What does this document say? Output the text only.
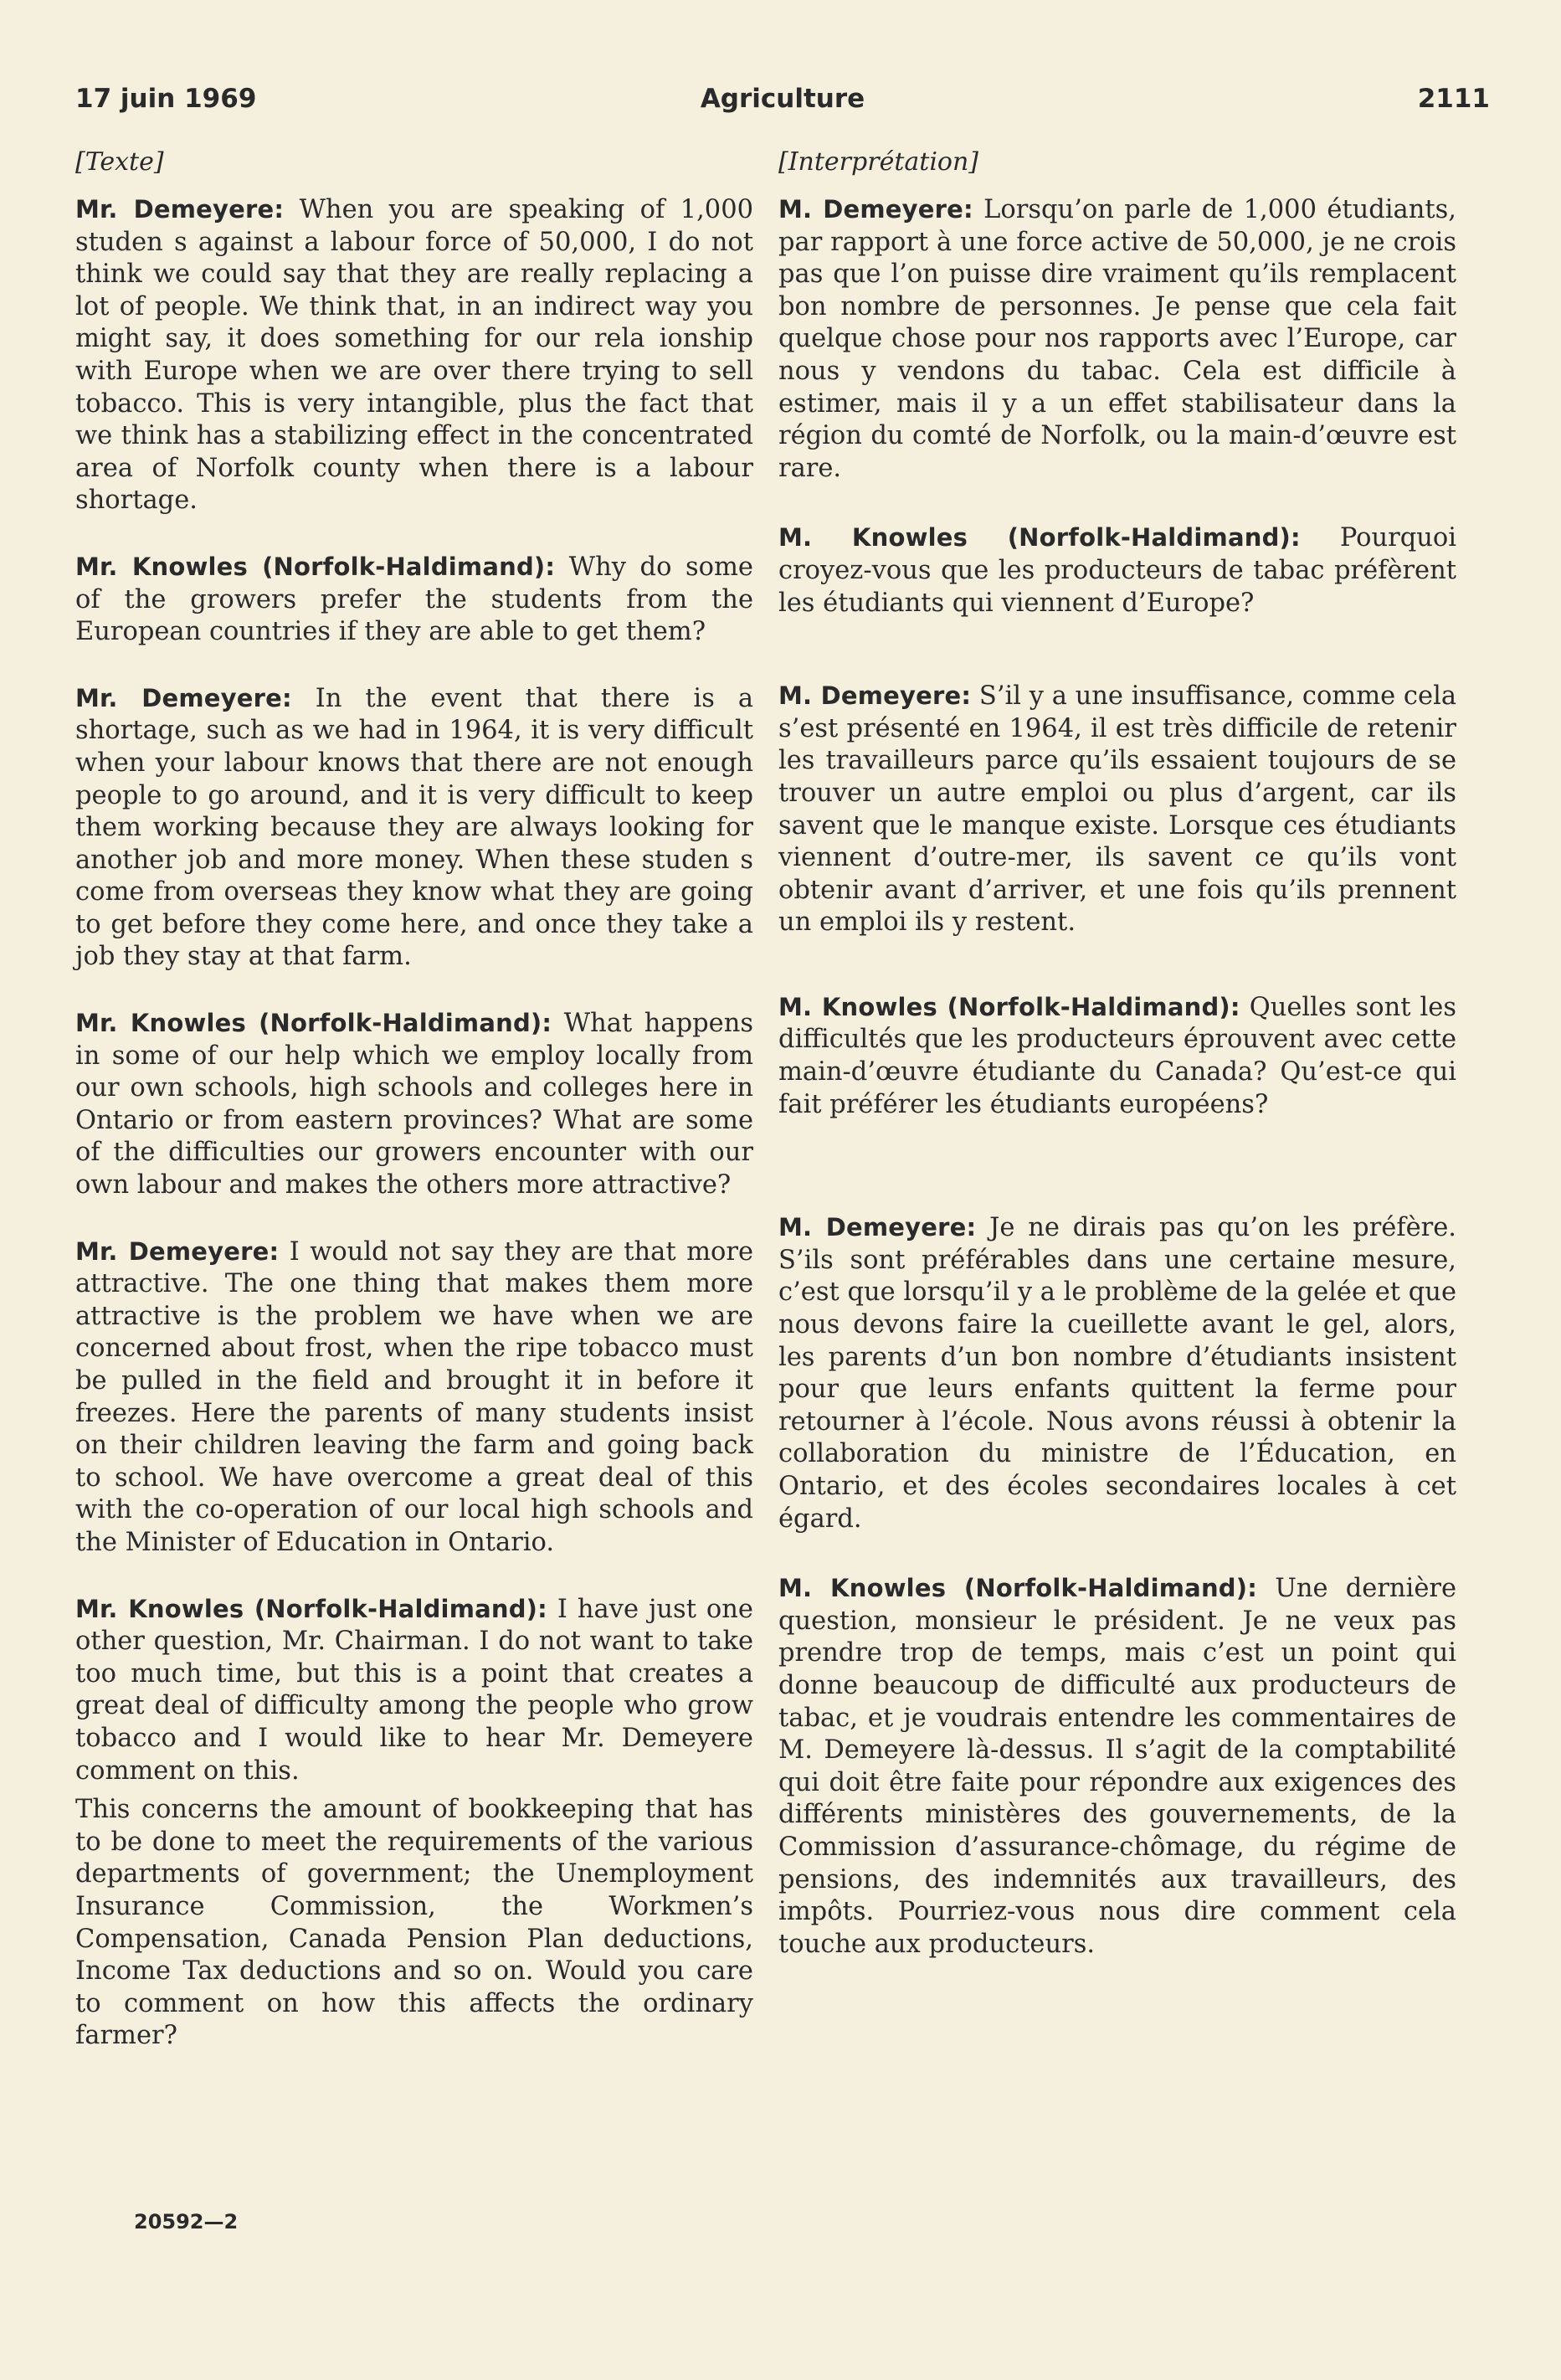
17 juin 1969	Agriculture	2111
[Texte]

Mr. Demeyere: When you are speaking of 1,000 studen s against a labour force of 50,000, I do not think we could say that they are really replacing a lot of people. We think that, in an indirect way you might say, it does something for our rela ionship with Europe when we are over there trying to sell tobacco. This is very intangible, plus the fact that we think has a stabilizing effect in the concentrated area of Norfolk county when there is a labour shortage.

Mr. Knowles (Norfolk-Haldimand): Why do some of the growers prefer the students from the European countries if they are able to get them?

Mr. Demeyere: In the event that there is a shortage, such as we had in 1964, it is very difficult when your labour knows that there are not enough people to go around, and it is very difficult to keep them working because they are always looking for another job and more money. When these studen s come from overseas they know what they are going to get before they come here, and once they take a job they stay at that farm.

Mr. Knowles (Norfolk-Haldimand): What happens in some of our help which we employ locally from our own schools, high schools and colleges here in Ontario or from eastern provinces? What are some of the difficulties our growers encounter with our own labour and makes the others more attractive?

Mr. Demeyere: I would not say they are that more attractive. The one thing that makes them more attractive is the problem we have when we are concerned about frost, when the ripe tobacco must be pulled in the field and brought it in before it freezes. Here the parents of many students insist on their children leaving the farm and going back to school. We have overcome a great deal of this with the co-operation of our local high schools and the Minister of Education in Ontario.

Mr. Knowles (Norfolk-Haldimand): I have just one other question, Mr. Chairman. I do not want to take too much time, but this is a point that creates a great deal of difficulty among the people who grow tobacco and I would like to hear Mr. Demeyere comment on this.

This concerns the amount of bookkeeping that has to be done to meet the requirements of the various departments of government; the Unemployment Insurance Commission, the Workmen’s Compensation, Canada Pension Plan deductions, Income Tax deductions and so on. Would you care to comment on how this affects the ordinary farmer?

[Interprétation]

M. Demeyere: Lorsqu’on parle de 1,000 étudiants, par rapport à une force active de 50,000, je ne crois pas que l’on puisse dire vraiment qu’ils remplacent bon nombre de personnes. Je pense que cela fait quelque chose pour nos rapports avec l’Europe, car nous y vendons du tabac. Cela est difficile à estimer, mais il y a un effet stabilisateur dans la région du comté de Norfolk, ou la main-d’œuvre est rare.

M. Knowles (Norfolk-Haldimand): Pourquoi croyez-vous que les producteurs de tabac préfèrent les étudiants qui viennent d’Europe?

M. Demeyere: S’il y a une insuffisance, comme cela s’est présenté en 1964, il est très difficile de retenir les travailleurs parce qu’ils essaient toujours de se trouver un autre emploi ou plus d’argent, car ils savent que le manque existe. Lorsque ces étudiants viennent d’outre-mer, ils savent ce qu’ils vont obtenir avant d’arriver, et une fois qu’ils prennent un emploi ils y restent.

M. Knowles (Norfolk-Haldimand): Quelles sont les difficultés que les producteurs éprouvent avec cette main-d’œuvre étudiante du Canada? Qu’est-ce qui fait préférer les étudiants européens?

M. Demeyere: Je ne dirais pas qu’on les préfère. S’ils sont préférables dans une certaine mesure, c’est que lorsqu’il y a le problème de la gelée et que nous devons faire la cueillette avant le gel, alors, les parents d’un bon nombre d’étudiants insistent pour que leurs enfants quittent la ferme pour retourner à l’école. Nous avons réussi à obtenir la collaboration du ministre de l’Éducation, en Ontario, et des écoles secondaires locales à cet égard.

M. Knowles (Norfolk-Haldimand): Une dernière question, monsieur le président. Je ne veux pas prendre trop de temps, mais c’est un point qui donne beaucoup de difficulté aux producteurs de tabac, et je voudrais entendre les commentaires de M. Demeyere là-dessus. Il s’agit de la comptabilité qui doit être faite pour répondre aux exigences des différents ministères des gouvernements, de la Commission d’assurance-chômage, du régime de pensions, des indemnités aux travailleurs, des impôts. Pourriez-vous nous dire comment cela touche aux producteurs.

20592—2
